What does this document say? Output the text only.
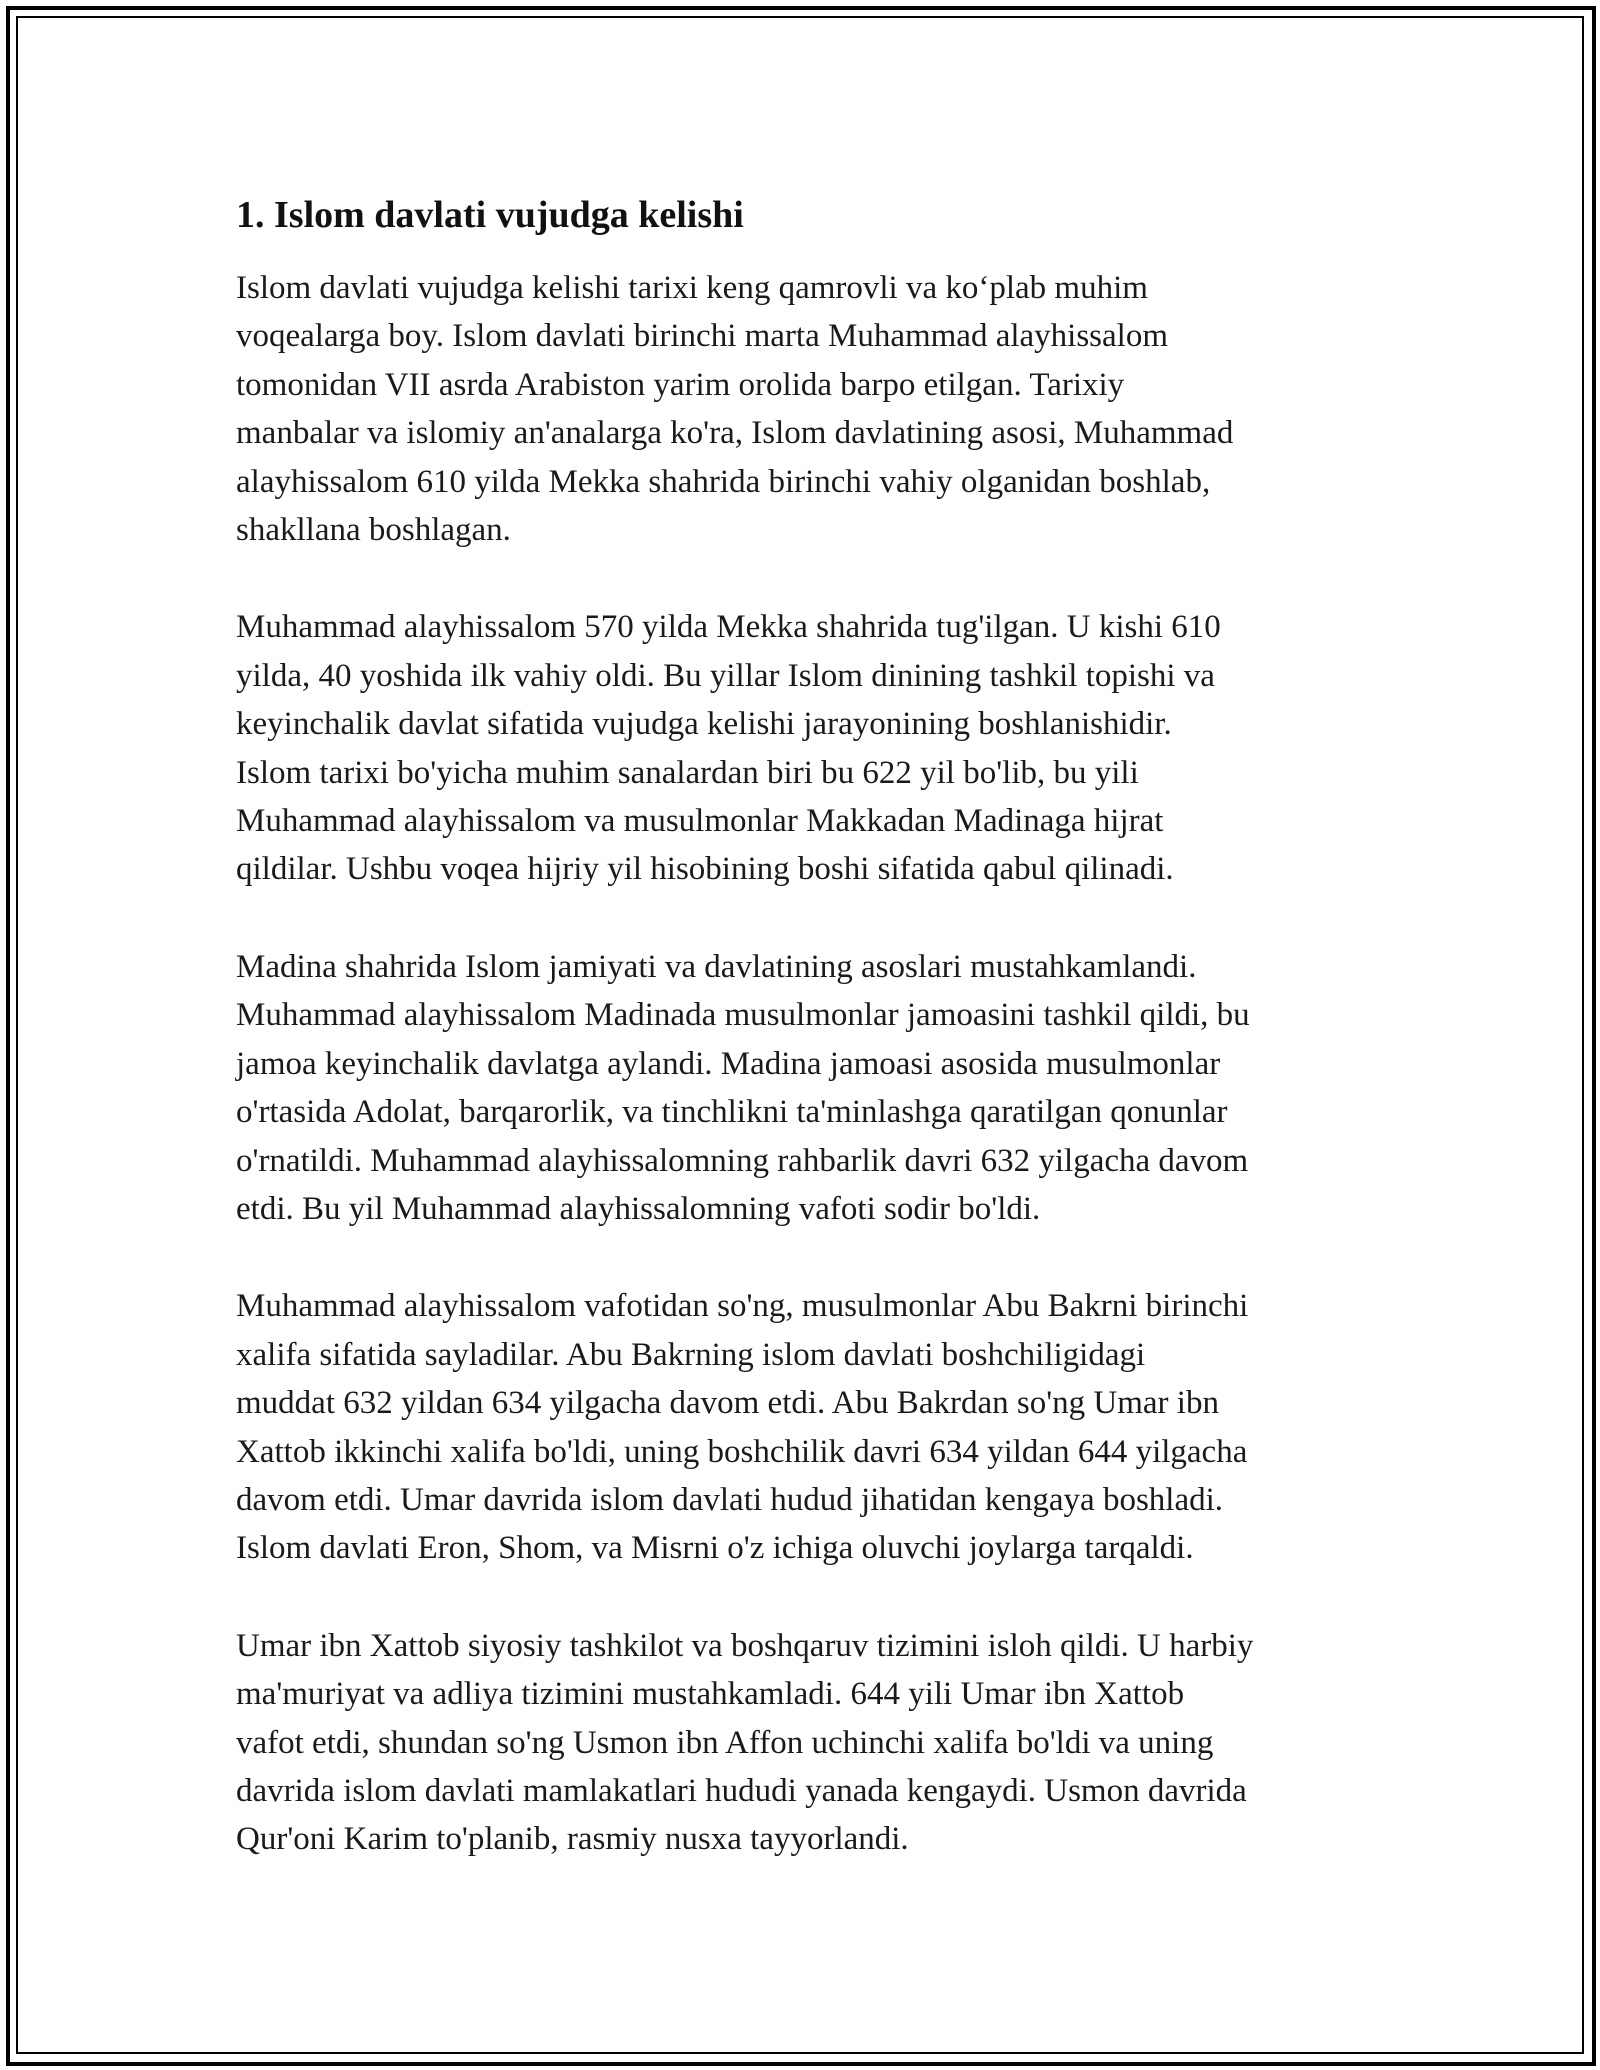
1. Islom davlati vujudga kelishi

Islom davlati vujudga kelishi tarixi keng qamrovli va koʻplab muhim
voqealarga boy. Islom davlati birinchi marta Muhammad alayhissalom
tomonidan VII asrda Arabiston yarim orolida barpo etilgan. Tarixiy
manbalar va islomiy an'analarga ko'ra, Islom davlatining asosi, Muhammad
alayhissalom 610 yilda Mekka shahrida birinchi vahiy olganidan boshlab,
shakllana boshlagan.

Muhammad alayhissalom 570 yilda Mekka shahrida tug'ilgan. U kishi 610
yilda, 40 yoshida ilk vahiy oldi. Bu yillar Islom dinining tashkil topishi va
keyinchalik davlat sifatida vujudga kelishi jarayonining boshlanishidir.
Islom tarixi bo'yicha muhim sanalardan biri bu 622 yil bo'lib, bu yili
Muhammad alayhissalom va musulmonlar Makkadan Madinaga hijrat
qildilar. Ushbu voqea hijriy yil hisobining boshi sifatida qabul qilinadi.

Madina shahrida Islom jamiyati va davlatining asoslari mustahkamlandi.
Muhammad alayhissalom Madinada musulmonlar jamoasini tashkil qildi, bu
jamoa keyinchalik davlatga aylandi. Madina jamoasi asosida musulmonlar
o'rtasida Adolat, barqarorlik, va tinchlikni ta'minlashga qaratilgan qonunlar
o'rnatildi. Muhammad alayhissalomning rahbarlik davri 632 yilgacha davom
etdi. Bu yil Muhammad alayhissalomning vafoti sodir bo'ldi.

Muhammad alayhissalom vafotidan so'ng, musulmonlar Abu Bakrni birinchi
xalifa sifatida sayladilar. Abu Bakrning islom davlati boshchiligidagi
muddat 632 yildan 634 yilgacha davom etdi. Abu Bakrdan so'ng Umar ibn
Xattob ikkinchi xalifa bo'ldi, uning boshchilik davri 634 yildan 644 yilgacha
davom etdi. Umar davrida islom davlati hudud jihatidan kengaya boshladi.
Islom davlati Eron, Shom, va Misrni o'z ichiga oluvchi joylarga tarqaldi.

Umar ibn Xattob siyosiy tashkilot va boshqaruv tizimini isloh qildi. U harbiy
ma'muriyat va adliya tizimini mustahkamladi. 644 yili Umar ibn Xattob
vafot etdi, shundan so'ng Usmon ibn Affon uchinchi xalifa bo'ldi va uning
davrida islom davlati mamlakatlari hududi yanada kengaydi. Usmon davrida
Qur'oni Karim to'planib, rasmiy nusxa tayyorlandi.
